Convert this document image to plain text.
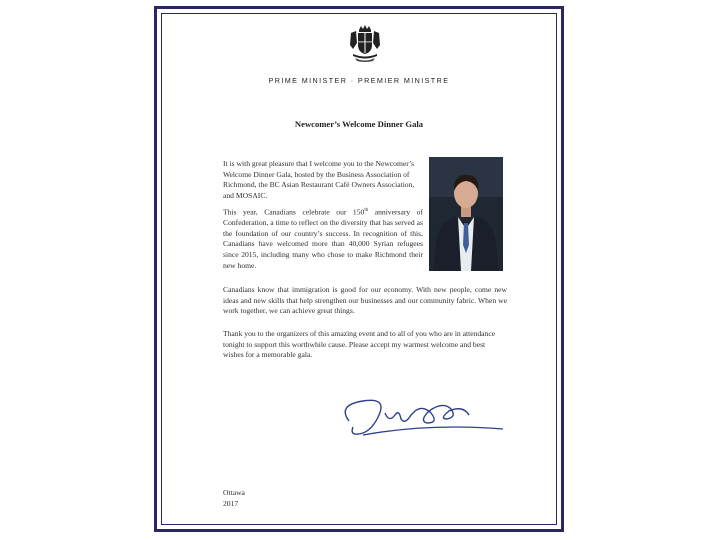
PRIME MINISTER · PREMIER MINISTRE
Newcomer’s Welcome Dinner Gala

It is with great pleasure that I welcome you to the Newcomer’s Welcome Dinner Gala, hosted by the Business Association of Richmond, the BC Asian Restaurant Café Owners Association, and MOSAIC.

This year, Canadians celebrate our 150th anniversary of Confederation, a time to reflect on the diversity that has served as the foundation of our country’s success. In recognition of this, Canadians have welcomed more than 40,000 Syrian refugees since 2015, including many who chose to make Richmond their new home.

Canadians know that immigration is good for our economy. With new people, come new ideas and new skills that help strengthen our businesses and our community fabric. When we work together, we can achieve great things.

Thank you to the organizers of this amazing event and to all of you who are in attendance tonight to support this worthwhile cause. Please accept my warmest welcome and best wishes for a memorable gala.

Ottawa
2017
